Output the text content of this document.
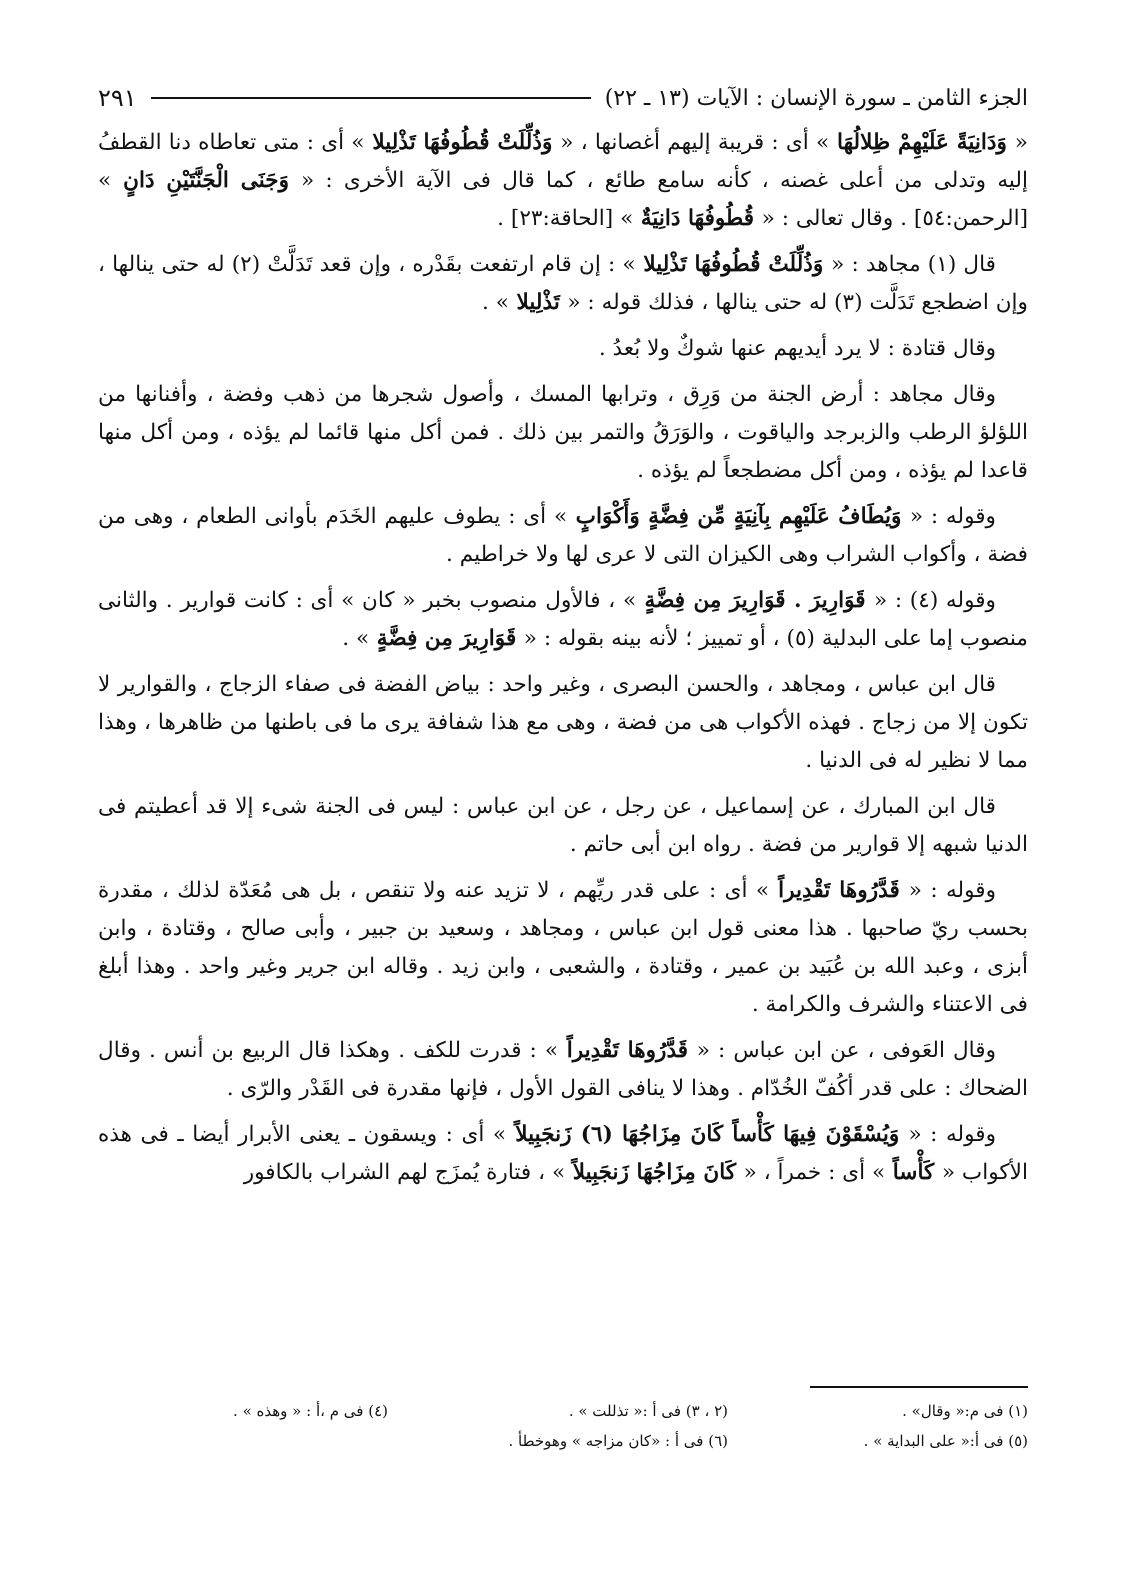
الجزء الثامن ـ سورة الإنسان : الآيات (١٣ ـ ٢٢)
٢٩١

« وَدَانِيَةً عَلَيْهِمْ ظِلالُهَا » أى : قريبة إليهم أغصانها ، « وَذُلِّلَتْ قُطُوفُهَا تَذْلِيلا » أى : متى تعاطاه دنا القطفُ إليه وتدلى من أعلى غصنه ، كأنه سامع طائع ، كما قال فى الآية الأخرى : « وَجَنَى الْجَنَّتَيْنِ دَانٍ » [الرحمن:٥٤] . وقال تعالى : « قُطُوفُهَا دَانِيَةٌ » [الحاقة:٢٣] .

قال (١) مجاهد : « وَذُلِّلَتْ قُطُوفُهَا تَذْلِيلا » : إن قام ارتفعت بقَدْره ، وإن قعد تَدَلَّتْ (٢) له حتى ينالها ، وإن اضطجع تَدَلَّت (٣) له حتى ينالها ، فذلك قوله : « تَذْلِيلا » .

وقال قتادة : لا يرد أيديهم عنها شوكٌ ولا بُعدُ .

وقال مجاهد : أرض الجنة من وَرِق ، وترابها المسك ، وأصول شجرها من ذهب وفضة ، وأفنانها من اللؤلؤ الرطب والزبرجد والياقوت ، والوَرَقُ والتمر بين ذلك . فمن أكل منها قائما لم يؤذه ، ومن أكل منها قاعدا لم يؤذه ، ومن أكل مضطجعاً لم يؤذه .

وقوله : « وَيُطَافُ عَلَيْهِم بِآنِيَةٍ مِّن فِضَّةٍ وَأَكْوَابٍ » أى : يطوف عليهم الخَدَم بأوانى الطعام ، وهى من فضة ، وأكواب الشراب وهى الكيزان التى لا عرى لها ولا خراطيم .

وقوله (٤) : « قَوَارِيرَ . قَوَارِيرَ مِن فِضَّةٍ » ، فالأول منصوب بخبر « كان » أى : كانت قوارير . والثانى منصوب إما على البدلية (٥) ، أو تمييز ؛ لأنه بينه بقوله : « قَوَارِيرَ مِن فِضَّةٍ » .

قال ابن عباس ، ومجاهد ، والحسن البصرى ، وغير واحد : بياض الفضة فى صفاء الزجاج ، والقوارير لا تكون إلا من زجاج . فهذه الأكواب هى من فضة ، وهى مع هذا شفافة يرى ما فى باطنها من ظاهرها ، وهذا مما لا نظير له فى الدنيا .

قال ابن المبارك ، عن إسماعيل ، عن رجل ، عن ابن عباس : ليس فى الجنة شىء إلا قد أعطيتم فى الدنيا شبهه إلا قوارير من فضة . رواه ابن أبى حاتم .

وقوله : « قَدَّرُوهَا تَقْدِيراً » أى : على قدر ريِّهم ، لا تزيد عنه ولا تنقص ، بل هى مُعَدّة لذلك ، مقدرة بحسب ريّ صاحبها . هذا معنى قول ابن عباس ، ومجاهد ، وسعيد بن جبير ، وأبى صالح ، وقتادة ، وابن أبزى ، وعبد الله بن عُبَيد بن عمير ، وقتادة ، والشعبى ، وابن زيد . وقاله ابن جرير وغير واحد . وهذا أبلغ فى الاعتناء والشرف والكرامة .

وقال العَوفى ، عن ابن عباس : « قَدَّرُوهَا تَقْدِيراً » : قدرت للكف . وهكذا قال الربيع بن أنس . وقال الضحاك : على قدر أكُفّ الخُدّام . وهذا لا ينافى القول الأول ، فإنها مقدرة فى القَدْر والرّى .

وقوله : « وَيُسْقَوْنَ فِيهَا كَأْساً كَانَ مِزَاجُهَا (٦) زَنجَبِيلاً » أى : ويسقون ـ يعنى الأبرار أيضا ـ فى هذه الأكواب « كَأْساً » أى : خمراً ، « كَانَ مِزَاجُهَا زَنجَبِيلاً » ، فتارة يُمزَج لهم الشراب بالكافور

(١) فى م:« وقال» .
(٢ ، ٣) فى أ :« تذللت » .
(٤) فى م ،أ : « وهذه » .
(٥) فى أ:« على البداية » .
(٦) فى أ : «كان مزاجه » وهوخطأ .
